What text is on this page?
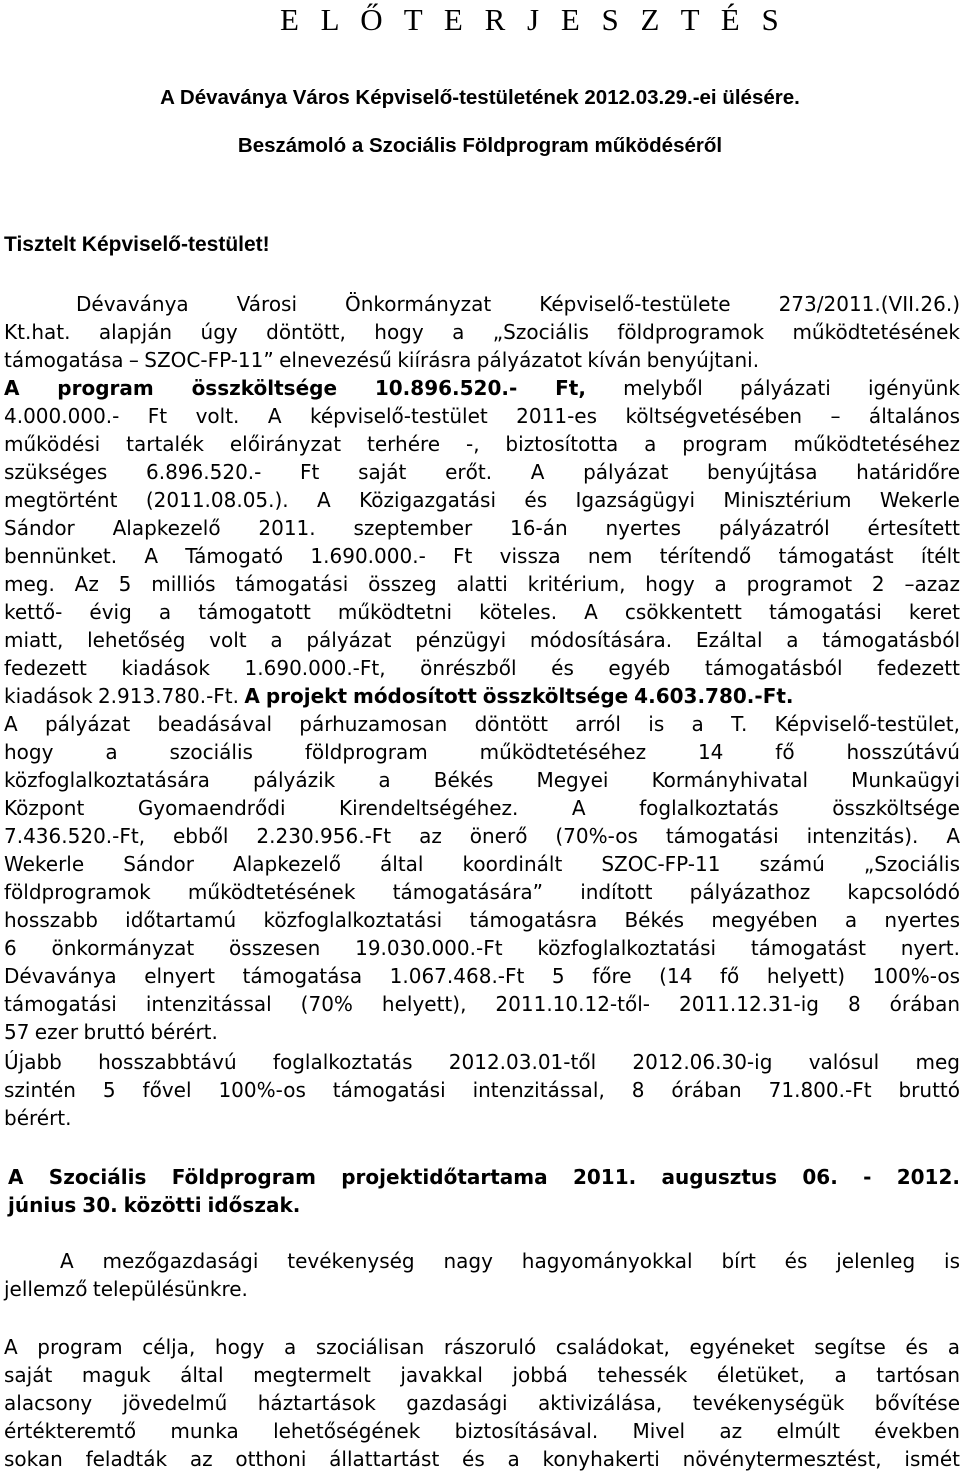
E L Ő T E R J E S Z T É S

A Dévaványa Város Képviselő-testületének 2012.03.29.-ei ülésére.

Beszámoló a Szociális Földprogram működéséről

Tisztelt Képviselő-testület!

Dévaványa Városi Önkormányzat Képviselő-testülete 273/2011.(VII.26.)
Kt.hat. alapján úgy döntött, hogy a „Szociális földprogramok működtetésének
támogatása – SZOC-FP-11” elnevezésű kiírásra pályázatot kíván benyújtani.
A program összköltsége 10.896.520.- Ft, melyből pályázati igényünk
4.000.000.- Ft volt. A képviselő-testület 2011-es költségvetésében – általános
működési tartalék előirányzat terhére -, biztosította a program működtetéséhez
szükséges 6.896.520.- Ft saját erőt. A pályázat benyújtása határidőre
megtörtént (2011.08.05.). A Közigazgatási és Igazságügyi Minisztérium Wekerle
Sándor Alapkezelő 2011. szeptember 16-án nyertes pályázatról értesített
bennünket. A Támogató 1.690.000.- Ft vissza nem térítendő támogatást ítélt
meg. Az 5 milliós támogatási összeg alatti kritérium, hogy a programot 2 –azaz
kettő- évig a támogatott működtetni köteles. A csökkentett támogatási keret
miatt, lehetőség volt a pályázat pénzügyi módosítására. Ezáltal a támogatásból
fedezett kiadások 1.690.000.-Ft, önrészből és egyéb támogatásból fedezett
kiadások 2.913.780.-Ft. A projekt módosított összköltsége 4.603.780.-Ft.
A pályázat beadásával párhuzamosan döntött arról is a T. Képviselő-testület,
hogy a szociális földprogram működtetéséhez 14 fő hosszútávú
közfoglalkoztatására pályázik a Békés Megyei Kormányhivatal Munkaügyi
Központ Gyomaendrődi Kirendeltségéhez. A foglalkoztatás összköltsége
7.436.520.-Ft, ebből 2.230.956.-Ft az önerő (70%-os támogatási intenzitás). A
Wekerle Sándor Alapkezelő által koordinált SZOC-FP-11 számú „Szociális
földprogramok működtetésének támogatására” indított pályázathoz kapcsolódó
hosszabb időtartamú közfoglalkoztatási támogatásra Békés megyében a nyertes
6 önkormányzat összesen 19.030.000.-Ft közfoglalkoztatási támogatást nyert.
Dévaványa elnyert támogatása 1.067.468.-Ft 5 főre (14 fő helyett) 100%-os
támogatási intenzitással (70% helyett), 2011.10.12-től- 2011.12.31-ig 8 órában
57 ezer bruttó bérért.
Újabb hosszabbtávú foglalkoztatás 2012.03.01-től 2012.06.30-ig valósul meg
szintén 5 fővel 100%-os támogatási intenzitással, 8 órában 71.800.-Ft bruttó
bérért.
A Szociális Földprogram projektidőtartama 2011. augusztus 06. - 2012.
június 30. közötti időszak.
A mezőgazdasági tevékenység nagy hagyományokkal bírt és jelenleg is
jellemző településünkre.
A program célja, hogy a szociálisan rászoruló családokat, egyéneket segítse és a
saját maguk által megtermelt javakkal jobbá tehessék életüket, a tartósan
alacsony jövedelmű háztartások gazdasági aktivizálása, tevékenységük bővítése
értékteremtő munka lehetőségének biztosításával. Mivel az elmúlt években
sokan feladták az otthoni állattartást és a konyhakerti növénytermesztést, ismét
